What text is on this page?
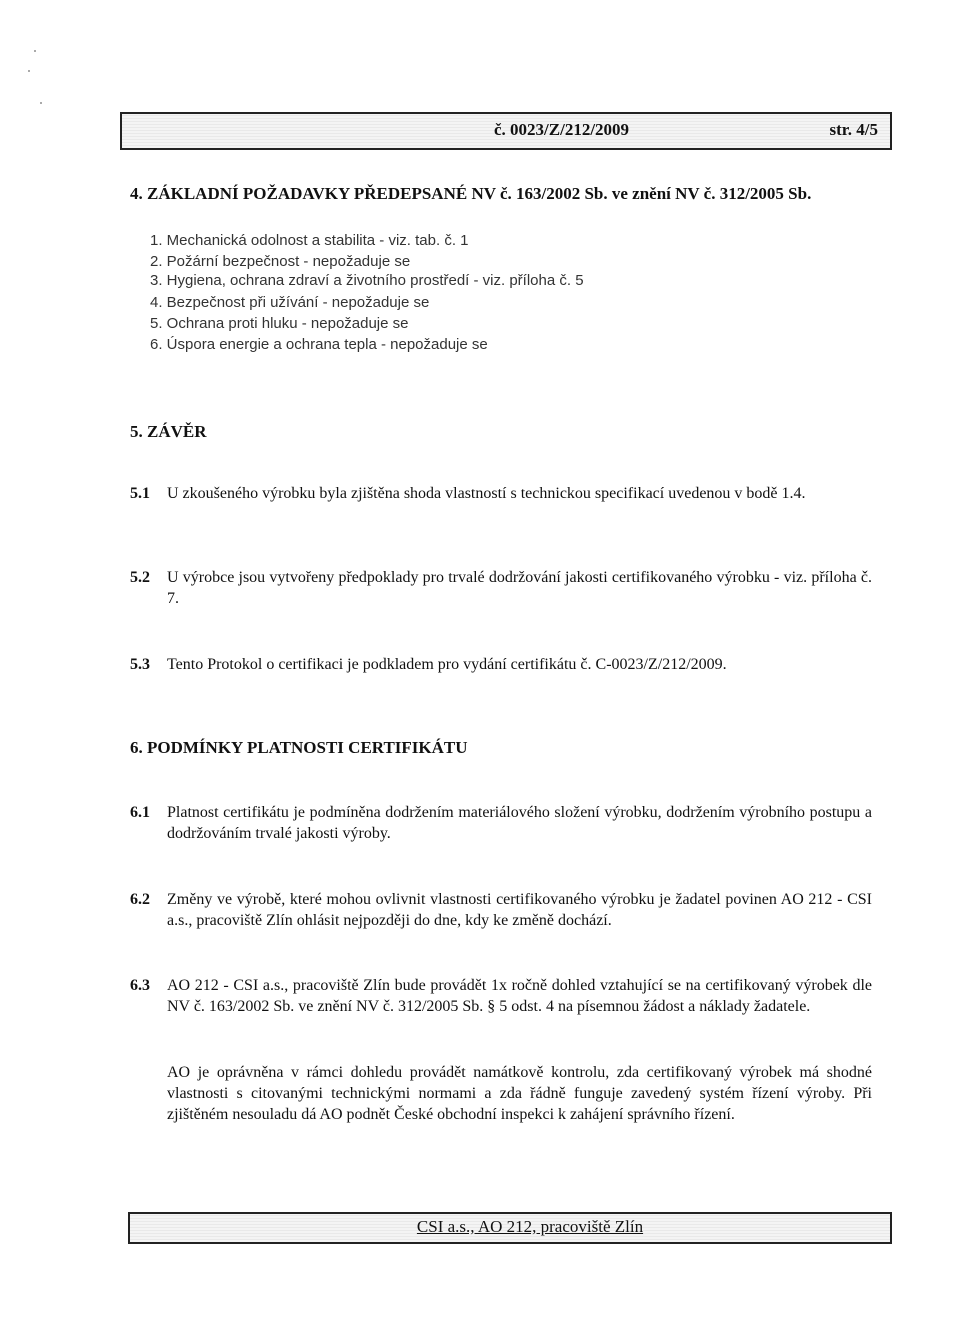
č. 0023/Z/212/2009	str. 4/5
4. ZÁKLADNÍ POŽADAVKY PŘEDEPSANÉ NV č. 163/2002 Sb. ve znění NV č. 312/2005 Sb.
1. Mechanická odolnost a stabilita - viz. tab. č. 1
2. Požární bezpečnost - nepožaduje se
3. Hygiena, ochrana zdraví a životního prostředí - viz. příloha č. 5
4. Bezpečnost při užívání - nepožaduje se
5. Ochrana proti hluku - nepožaduje se
6. Úspora energie a ochrana tepla - nepožaduje se
5. ZÁVĚR
5.1 U zkoušeného výrobku byla zjištěna shoda vlastností s technickou specifikací uvedenou v bodě 1.4.
5.2 U výrobce jsou vytvořeny předpoklady pro trvalé dodržování jakosti certifikovaného výrobku - viz. příloha č. 7.
5.3 Tento Protokol o certifikaci je podkladem pro vydání certifikátu č. C-0023/Z/212/2009.
6. PODMÍNKY PLATNOSTI CERTIFIKÁTU
6.1 Platnost certifikátu je podmíněna dodržením materiálového složení výrobku, dodržením výrobního postupu a dodržováním trvalé jakosti výroby.
6.2 Změny ve výrobě, které mohou ovlivnit vlastnosti certifikovaného výrobku je žadatel povinen AO 212 - CSI a.s., pracoviště Zlín ohlásit nejpozději do dne, kdy ke změně dochází.
6.3 AO 212 - CSI a.s., pracoviště Zlín bude provádět 1x ročně dohled vztahující se na certifikovaný výrobek dle NV č. 163/2002 Sb. ve znění NV č. 312/2005 Sb. § 5 odst. 4 na písemnou žádost a náklady žadatele.
AO je oprávněna v rámci dohledu provádět namátkově kontrolu, zda certifikovaný výrobek má shodné vlastnosti s citovanými technickými normami a zda řádně funguje zavedený systém řízení výroby. Při zjištěném nesouladu dá AO podnět České obchodní inspekci k zahájení správního řízení.
CSI a.s., AO 212, pracoviště Zlín
